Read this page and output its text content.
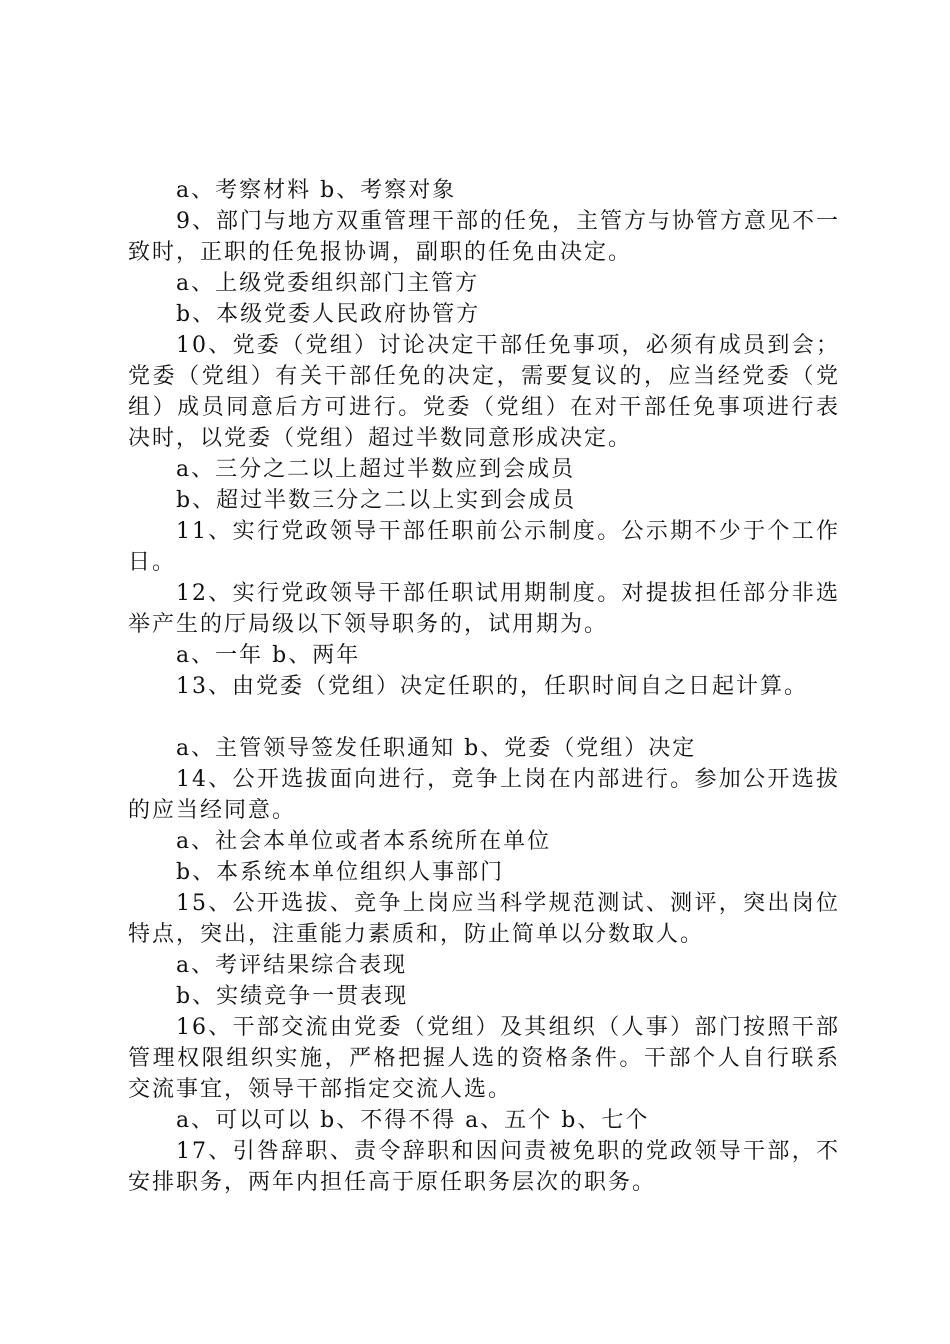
a、考察材料 b、考察对象

9、部门与地方双重管理干部的任免，主管方与协管方意见不一致时，正职的任免报协调，副职的任免由决定。

a、上级党委组织部门主管方

b、本级党委人民政府协管方

10、党委（党组）讨论决定干部任免事项，必须有成员到会；党委（党组）有关干部任免的决定，需要复议的，应当经党委（党组）成员同意后方可进行。党委（党组）在对干部任免事项进行表决时，以党委（党组）超过半数同意形成决定。

a、三分之二以上超过半数应到会成员

b、超过半数三分之二以上实到会成员

11、实行党政领导干部任职前公示制度。公示期不少于个工作日。

12、实行党政领导干部任职试用期制度。对提拔担任部分非选举产生的厅局级以下领导职务的，试用期为。

a、一年 b、两年

13、由党委（党组）决定任职的，任职时间自之日起计算。

a、主管领导签发任职通知 b、党委（党组）决定

14、公开选拔面向进行，竞争上岗在内部进行。参加公开选拔的应当经同意。

a、社会本单位或者本系统所在单位

b、本系统本单位组织人事部门

15、公开选拔、竞争上岗应当科学规范测试、测评，突出岗位特点，突出，注重能力素质和，防止简单以分数取人。

a、考评结果综合表现

b、实绩竞争一贯表现

16、干部交流由党委（党组）及其组织（人事）部门按照干部管理权限组织实施，严格把握人选的资格条件。干部个人自行联系交流事宜，领导干部指定交流人选。

a、可以可以 b、不得不得 a、五个 b、七个

17、引咎辞职、责令辞职和因问责被免职的党政领导干部，不安排职务，两年内担任高于原任职务层次的职务。
